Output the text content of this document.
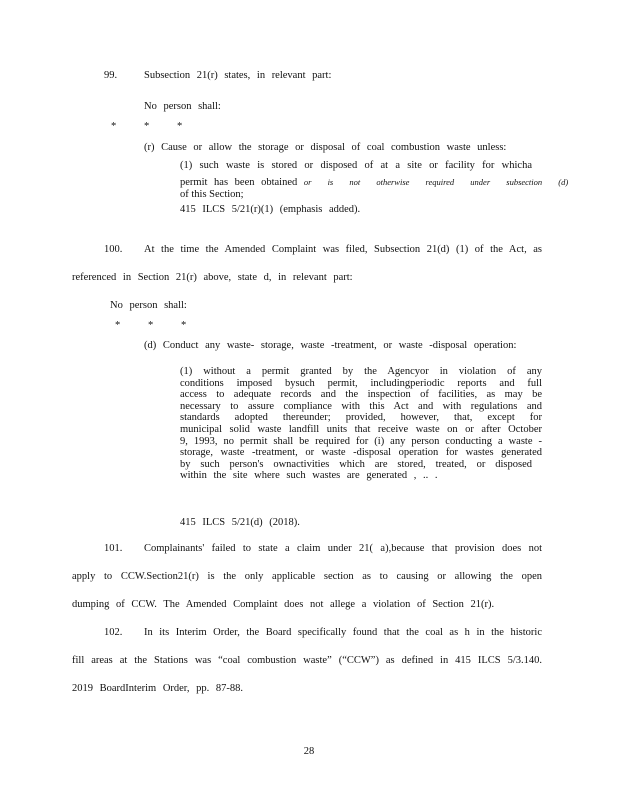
99.	Subsection 21(r) states, in relevant part:
No person shall:
*	*	*
(r) Cause or allow the storage or disposal of coal combustion waste unless:
(1) such waste is stored or disposed of at a site or facility for whicha
permit has been obtained or is not otherwise required under subsection (d)
of this Section;
415 ILCS 5/21(r)(1) (emphasis added).
100. At the time the Amended Complaint was filed, Subsection 21(d) (1) of the Act, as
referenced in Section 21(r) above, state d, in relevant part:
No person shall:
*	*	*
(d) Conduct any waste- storage, waste -treatment, or waste -disposal operation:
(1) without a permit granted by the Agencyor in violation of any
conditions imposed bysuch permit, includingperiodic reports and full
access to adequate records and the inspection of facilities, as may be
necessary to assure compliance with this Act and with regulations and
standards adopted thereunder; provided, however, that, except for
municipal solid waste landfill units that receive waste on or after October
9, 1993, no permit shall be required for (i) any person conducting a waste -
storage, waste -treatment, or waste -disposal operation for wastes generated
by such person's ownactivities which are stored, treated, or disposed
within the site where such wastes are generated , .. .
415 ILCS 5/21(d) (2018).
101. Complainants' failed to state a claim under 21( a),because that provision does not
apply to CCW.Section21(r) is the only applicable section as to causing or allowing the open
dumping of CCW. The Amended Complaint does not allege a violation of Section 21(r).
102. In its Interim Order, the Board specifically found that the coal as h in the historic
fill areas at the Stations was “coal combustion waste” (“CCW”) as defined in 415 ILCS 5/3.140.
2019 BoardInterim Order, pp. 87-88.
28
